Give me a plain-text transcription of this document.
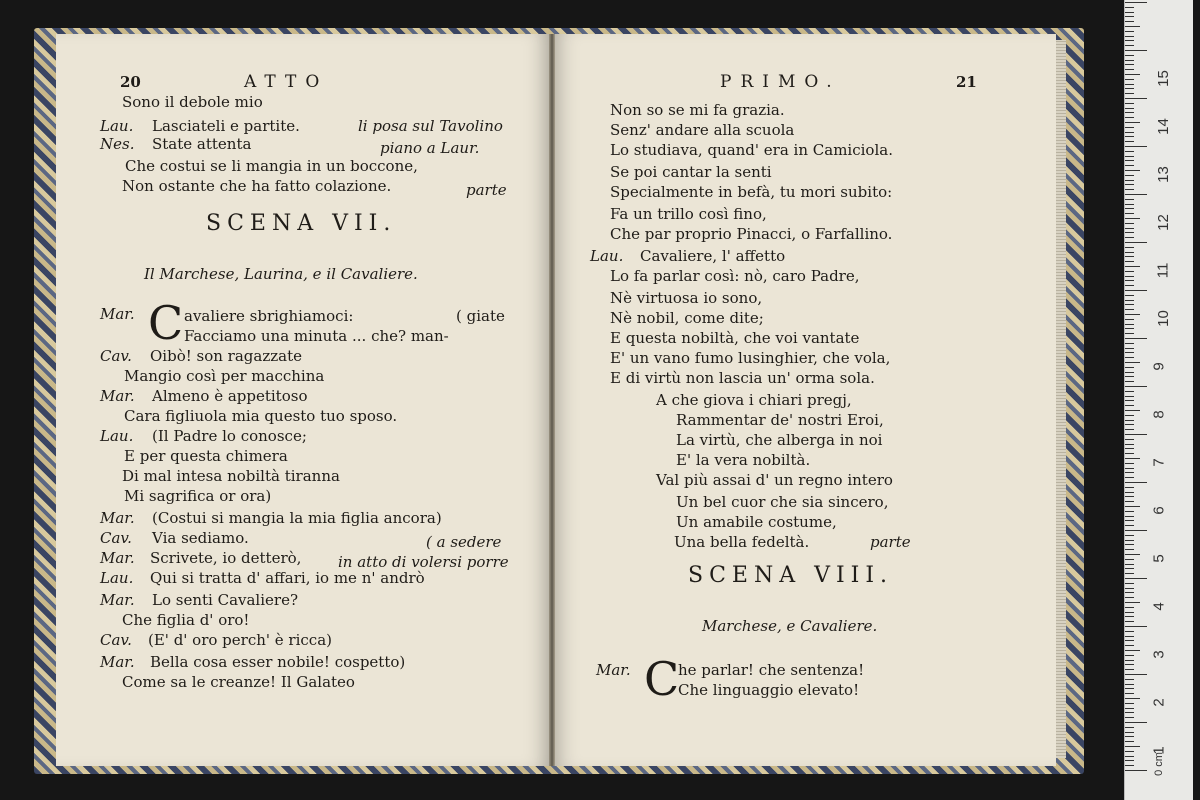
20	ATTO
Sono il debole mio
Lau. Lasciateli e partite.	li posa sul Tavolino
Nes. State attenta	piano a Laur.
Che costui se li mangia in un boccone,
Non ostante che ha fatto colazione.	parte
SCENA VII.
Il Marchese, Laurina, e il Cavaliere.
Mar. C avaliere sbrighiamoci:	( giate
Facciamo una minuta ... che? man-
Cav. Oibò! son ragazzate
Mangio così per macchina
Mar. Almeno è appetitoso
Cara figliuola mia questo tuo sposo.
Lau. (Il Padre lo conosce;
E per questa chimera
Di mal intesa nobiltà tiranna
Mi sagrifica or ora)
Mar. (Costui si mangia la mia figlia ancora)
Cav. Via sediamo.	( a sedere
Mar. Scrivete, io detterò, in atto di volersi porre
Lau. Qui si tratta d' affari, io me n' andrò
Mar. Lo senti Cavaliere?
Che figlia d' oro!
Cav. (E' d' oro perch' è ricca)
Mar. Bella cosa esser nobile! cospetto)
Come sa le creanze! Il Galateo
PRIMO.	21
Non so se mi fa grazia.
Senz' andare alla scuola
Lo studiava, quand' era in Camiciola.
Se poi cantar la senti
Specialmente in befà, tu mori subito:
Fa un trillo così fino,
Che par proprio Pinacci, o Farfallino.
Lau. Cavaliere, l' affetto
Lo fa parlar così: nò, caro Padre,
Nè virtuosa io sono,
Nè nobil, come dite;
E questa nobiltà, che voi vantate
E' un vano fumo lusinghier, che vola,
E di virtù non lascia un' orma sola.
A che giova i chiari pregj,
Rammentar de' nostri Eroi,
La virtù, che alberga in noi
E' la vera nobiltà.
Val più assai d' un regno intero
Un bel cuor che sia sincero,
Un amabile costume,
Una bella fedeltà.	parte
SCENA VIII.
Marchese, e Cavaliere.
Mar. C
he parlar! che sentenza!
Che linguaggio elevato!
0 cm
1
2
3
4
5
6
7
8
9
10
11
12
13
14
15
